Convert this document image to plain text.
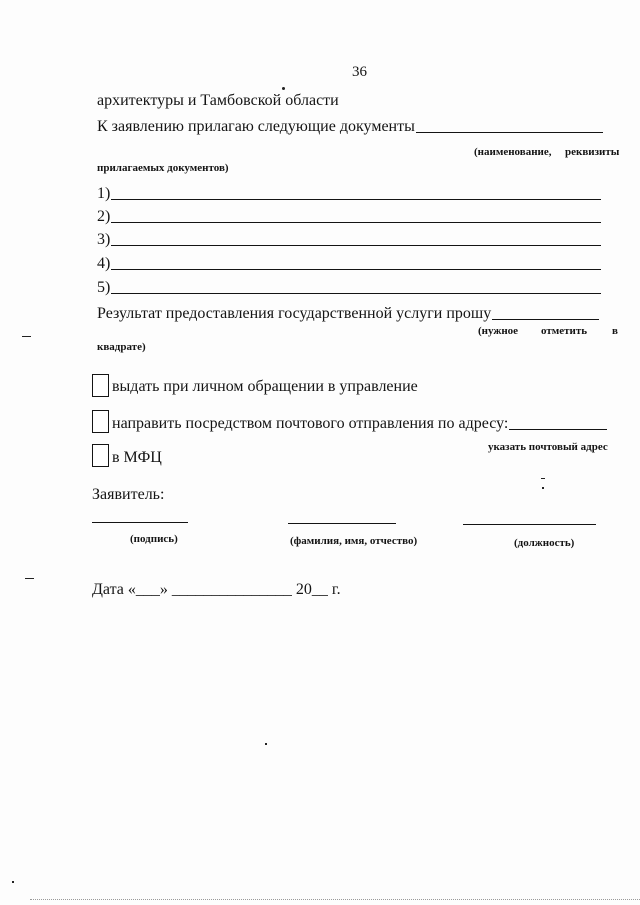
36
архитектуры и Тамбовской области
К заявлению прилагаю следующие документы
(наименование, реквизиты
прилагаемых документов)
1)
2)
3)
4)
5)
Результат предоставления государственной услуги прошу
(нужное отметить в
квадрате)
выдать при личном обращении в управление
направить посредством почтового отправления по адресу:
указать почтовый адрес
в МФЦ
Заявитель:
(подпись)	(фамилия, имя, отчество)	(должность)
Дата «___» _______________ 20__ г.
